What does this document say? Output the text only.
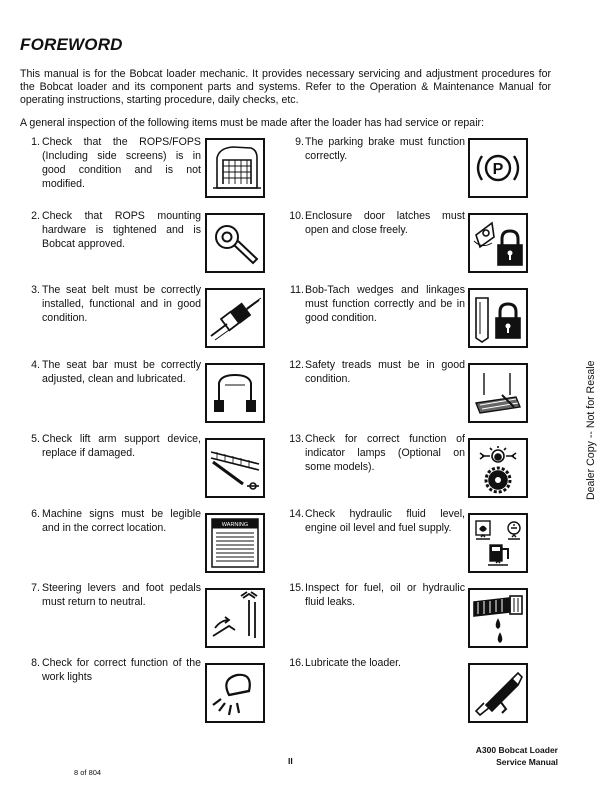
FOREWORD
This manual is for the Bobcat loader mechanic. It provides necessary servicing and adjustment procedures for the Bobcat loader and its component parts and systems. Refer to the Operation & Maintenance Manual for operating instructions, starting procedure, daily checks, etc.
A general inspection of the following items must be made after the loader has had service or repair:
1. Check that the ROPS/FOPS (Including side screens) is in good condition and is not modified.
2. Check that ROPS mounting hardware is tightened and is Bobcat approved.
3. The seat belt must be correctly installed, functional and in good condition.
4. The seat bar must be correctly adjusted, clean and lubricated.
5. Check lift arm support device, replace if damaged.
6. Machine signs must be legible and in the correct location.
7. Steering levers and foot pedals must return to neutral.
8. Check for correct function of the work lights
9. The parking brake must function correctly.
10. Enclosure door latches must open and close freely.
11. Bob-Tach wedges and linkages must function correctly and be in good condition.
12. Safety treads must be in good condition.
13. Check for correct function of indicator lamps (Optional on some models).
14. Check hydraulic fluid level, engine oil level and fuel supply.
15. Inspect for fuel, oil or hydraulic fluid leaks.
16. Lubricate the loader.
WARNING
P
Dealer Copy -- Not for Resale
A300 Bobcat Loader
Service Manual
II
8 of 804
